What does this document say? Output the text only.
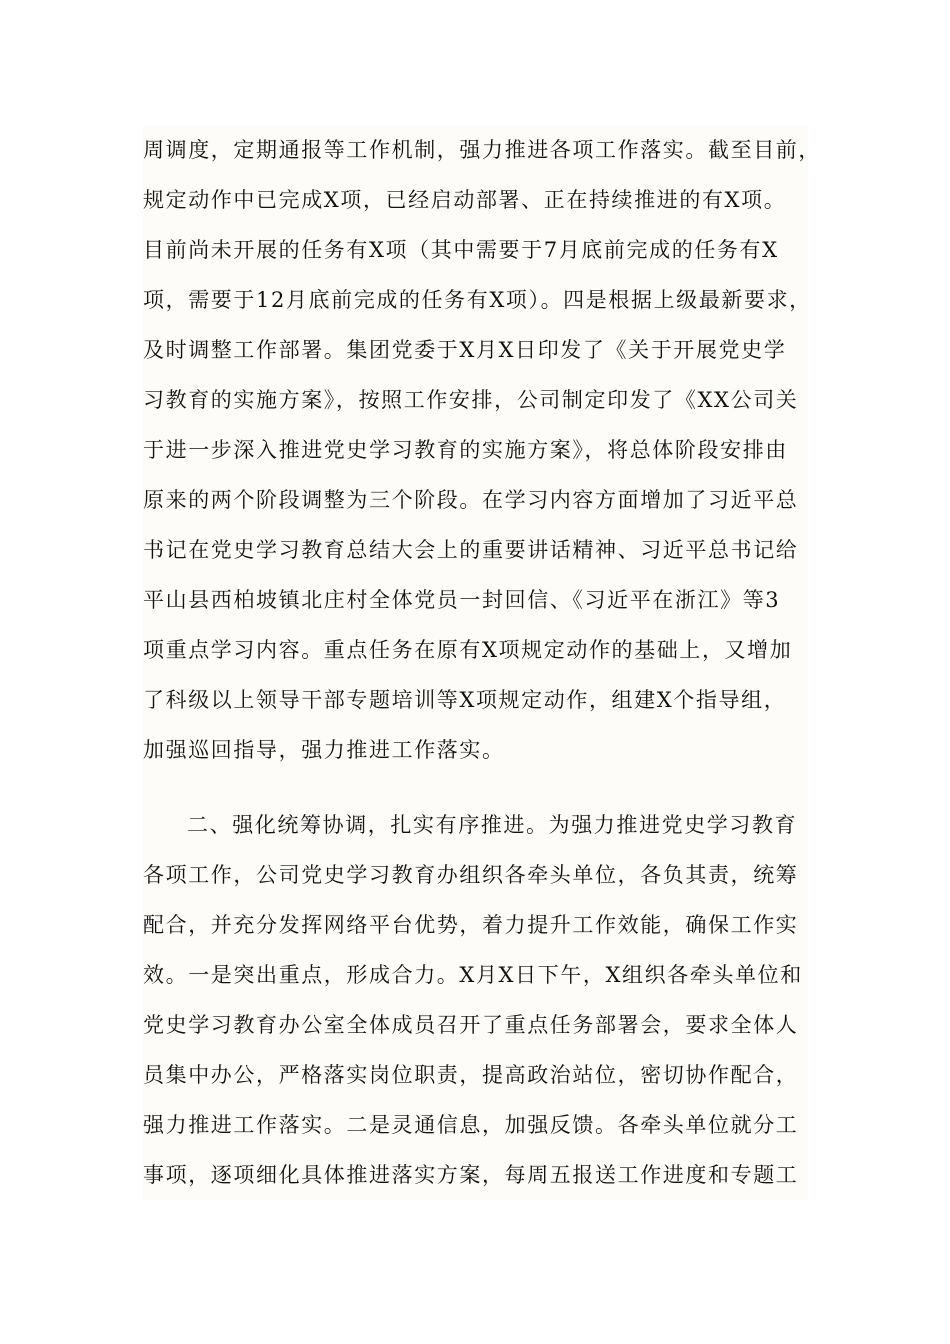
周调度，定期通报等工作机制，强力推进各项工作落实。截至目前，
规定动作中已完成X项，已经启动部署、正在持续推进的有X项。
目前尚未开展的任务有X项（其中需要于7月底前完成的任务有X
项，需要于12月底前完成的任务有X项）。四是根据上级最新要求，
及时调整工作部署。集团党委于X月X日印发了《关于开展党史学
习教育的实施方案》，按照工作安排，公司制定印发了《XX公司关
于进一步深入推进党史学习教育的实施方案》，将总体阶段安排由
原来的两个阶段调整为三个阶段。在学习内容方面增加了习近平总
书记在党史学习教育总结大会上的重要讲话精神、习近平总书记给
平山县西柏坡镇北庄村全体党员一封回信、《习近平在浙江》等3
项重点学习内容。重点任务在原有X项规定动作的基础上，又增加
了科级以上领导干部专题培训等X项规定动作，组建X个指导组，
加强巡回指导，强力推进工作落实。
二、强化统筹协调，扎实有序推进。为强力推进党史学习教育
各项工作，公司党史学习教育办组织各牵头单位，各负其责，统筹
配合，并充分发挥网络平台优势，着力提升工作效能，确保工作实
效。一是突出重点，形成合力。X月X日下午，X组织各牵头单位和
党史学习教育办公室全体成员召开了重点任务部署会，要求全体人
员集中办公，严格落实岗位职责，提高政治站位，密切协作配合，
强力推进工作落实。二是灵通信息，加强反馈。各牵头单位就分工
事项，逐项细化具体推进落实方案，每周五报送工作进度和专题工
